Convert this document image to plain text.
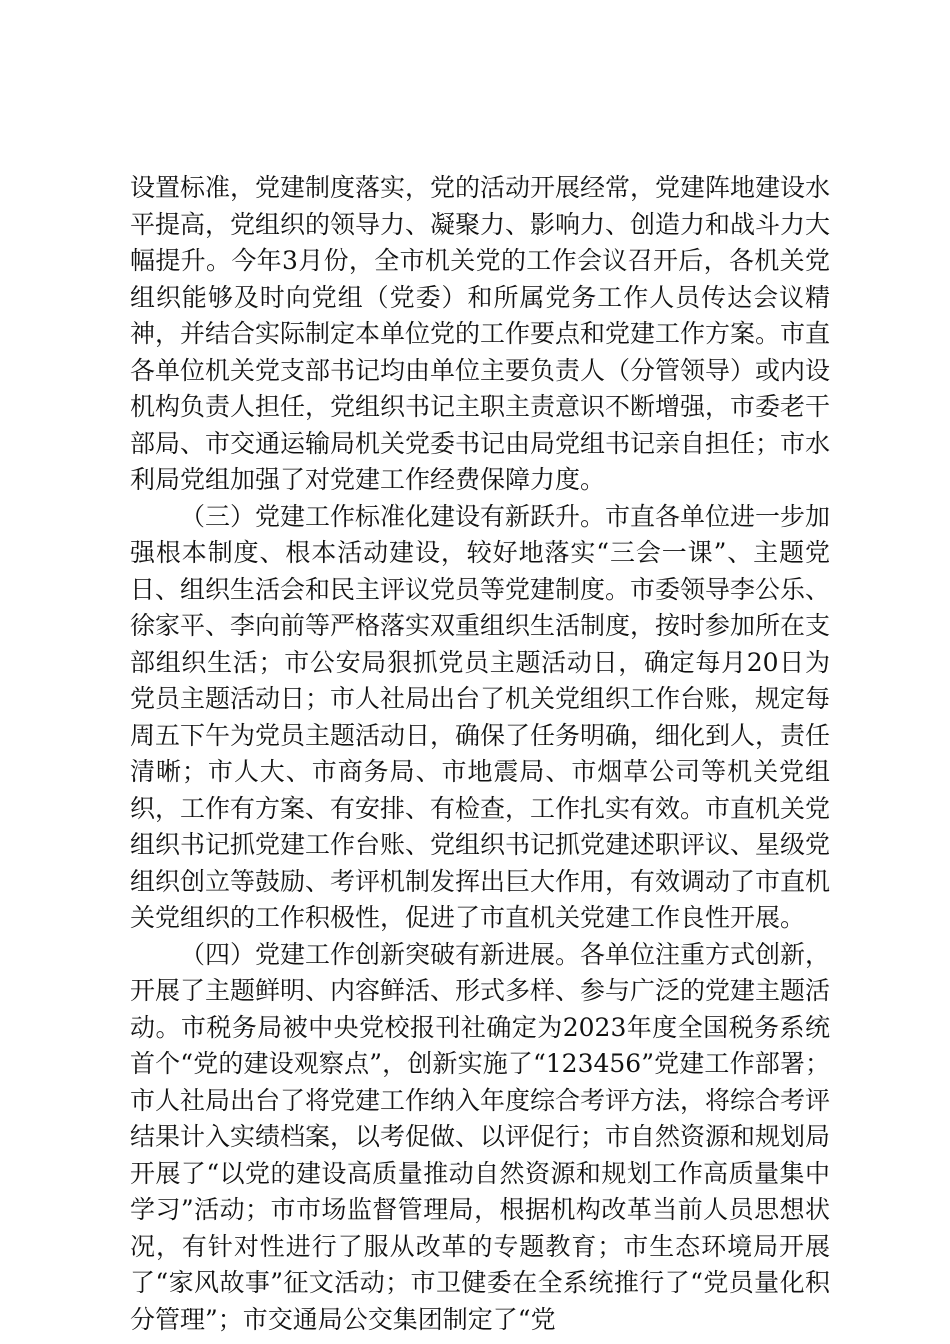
设置标准，党建制度落实，党的活动开展经常，党建阵地建设水平提高，党组织的领导力、凝聚力、影响力、创造力和战斗力大幅提升。今年3月份，全市机关党的工作会议召开后，各机关党组织能够及时向党组（党委）和所属党务工作人员传达会议精神，并结合实际制定本单位党的工作要点和党建工作方案。市直各单位机关党支部书记均由单位主要负责人（分管领导）或内设机构负责人担任，党组织书记主职主责意识不断增强，市委老干部局、市交通运输局机关党委书记由局党组书记亲自担任；市水利局党组加强了对党建工作经费保障力度。

（三）党建工作标准化建设有新跃升。市直各单位进一步加强根本制度、根本活动建设，较好地落实“三会一课”、主题党日、组织生活会和民主评议党员等党建制度。市委领导李公乐、徐家平、李向前等严格落实双重组织生活制度，按时参加所在支部组织生活；市公安局狠抓党员主题活动日，确定每月20日为党员主题活动日；市人社局出台了机关党组织工作台账，规定每周五下午为党员主题活动日，确保了任务明确，细化到人，责任清晰；市人大、市商务局、市地震局、市烟草公司等机关党组织，工作有方案、有安排、有检查，工作扎实有效。市直机关党组织书记抓党建工作台账、党组织书记抓党建述职评议、星级党组织创立等鼓励、考评机制发挥出巨大作用，有效调动了市直机关党组织的工作积极性，促进了市直机关党建工作良性开展。

（四）党建工作创新突破有新进展。各单位注重方式创新，开展了主题鲜明、内容鲜活、形式多样、参与广泛的党建主题活动。市税务局被中央党校报刊社确定为2023年度全国税务系统首个“党的建设观察点”，创新实施了“123456”党建工作部署；市人社局出台了将党建工作纳入年度综合考评方法，将综合考评结果计入实绩档案，以考促做、以评促行；市自然资源和规划局开展了“以党的建设高质量推动自然资源和规划工作高质量集中学习”活动；市市场监督管理局，根据机构改革当前人员思想状况，有针对性进行了服从改革的专题教育；市生态环境局开展了“家风故事”征文活动；市卫健委在全系统推行了“党员量化积分管理”；市交通局公交集团制定了“党
